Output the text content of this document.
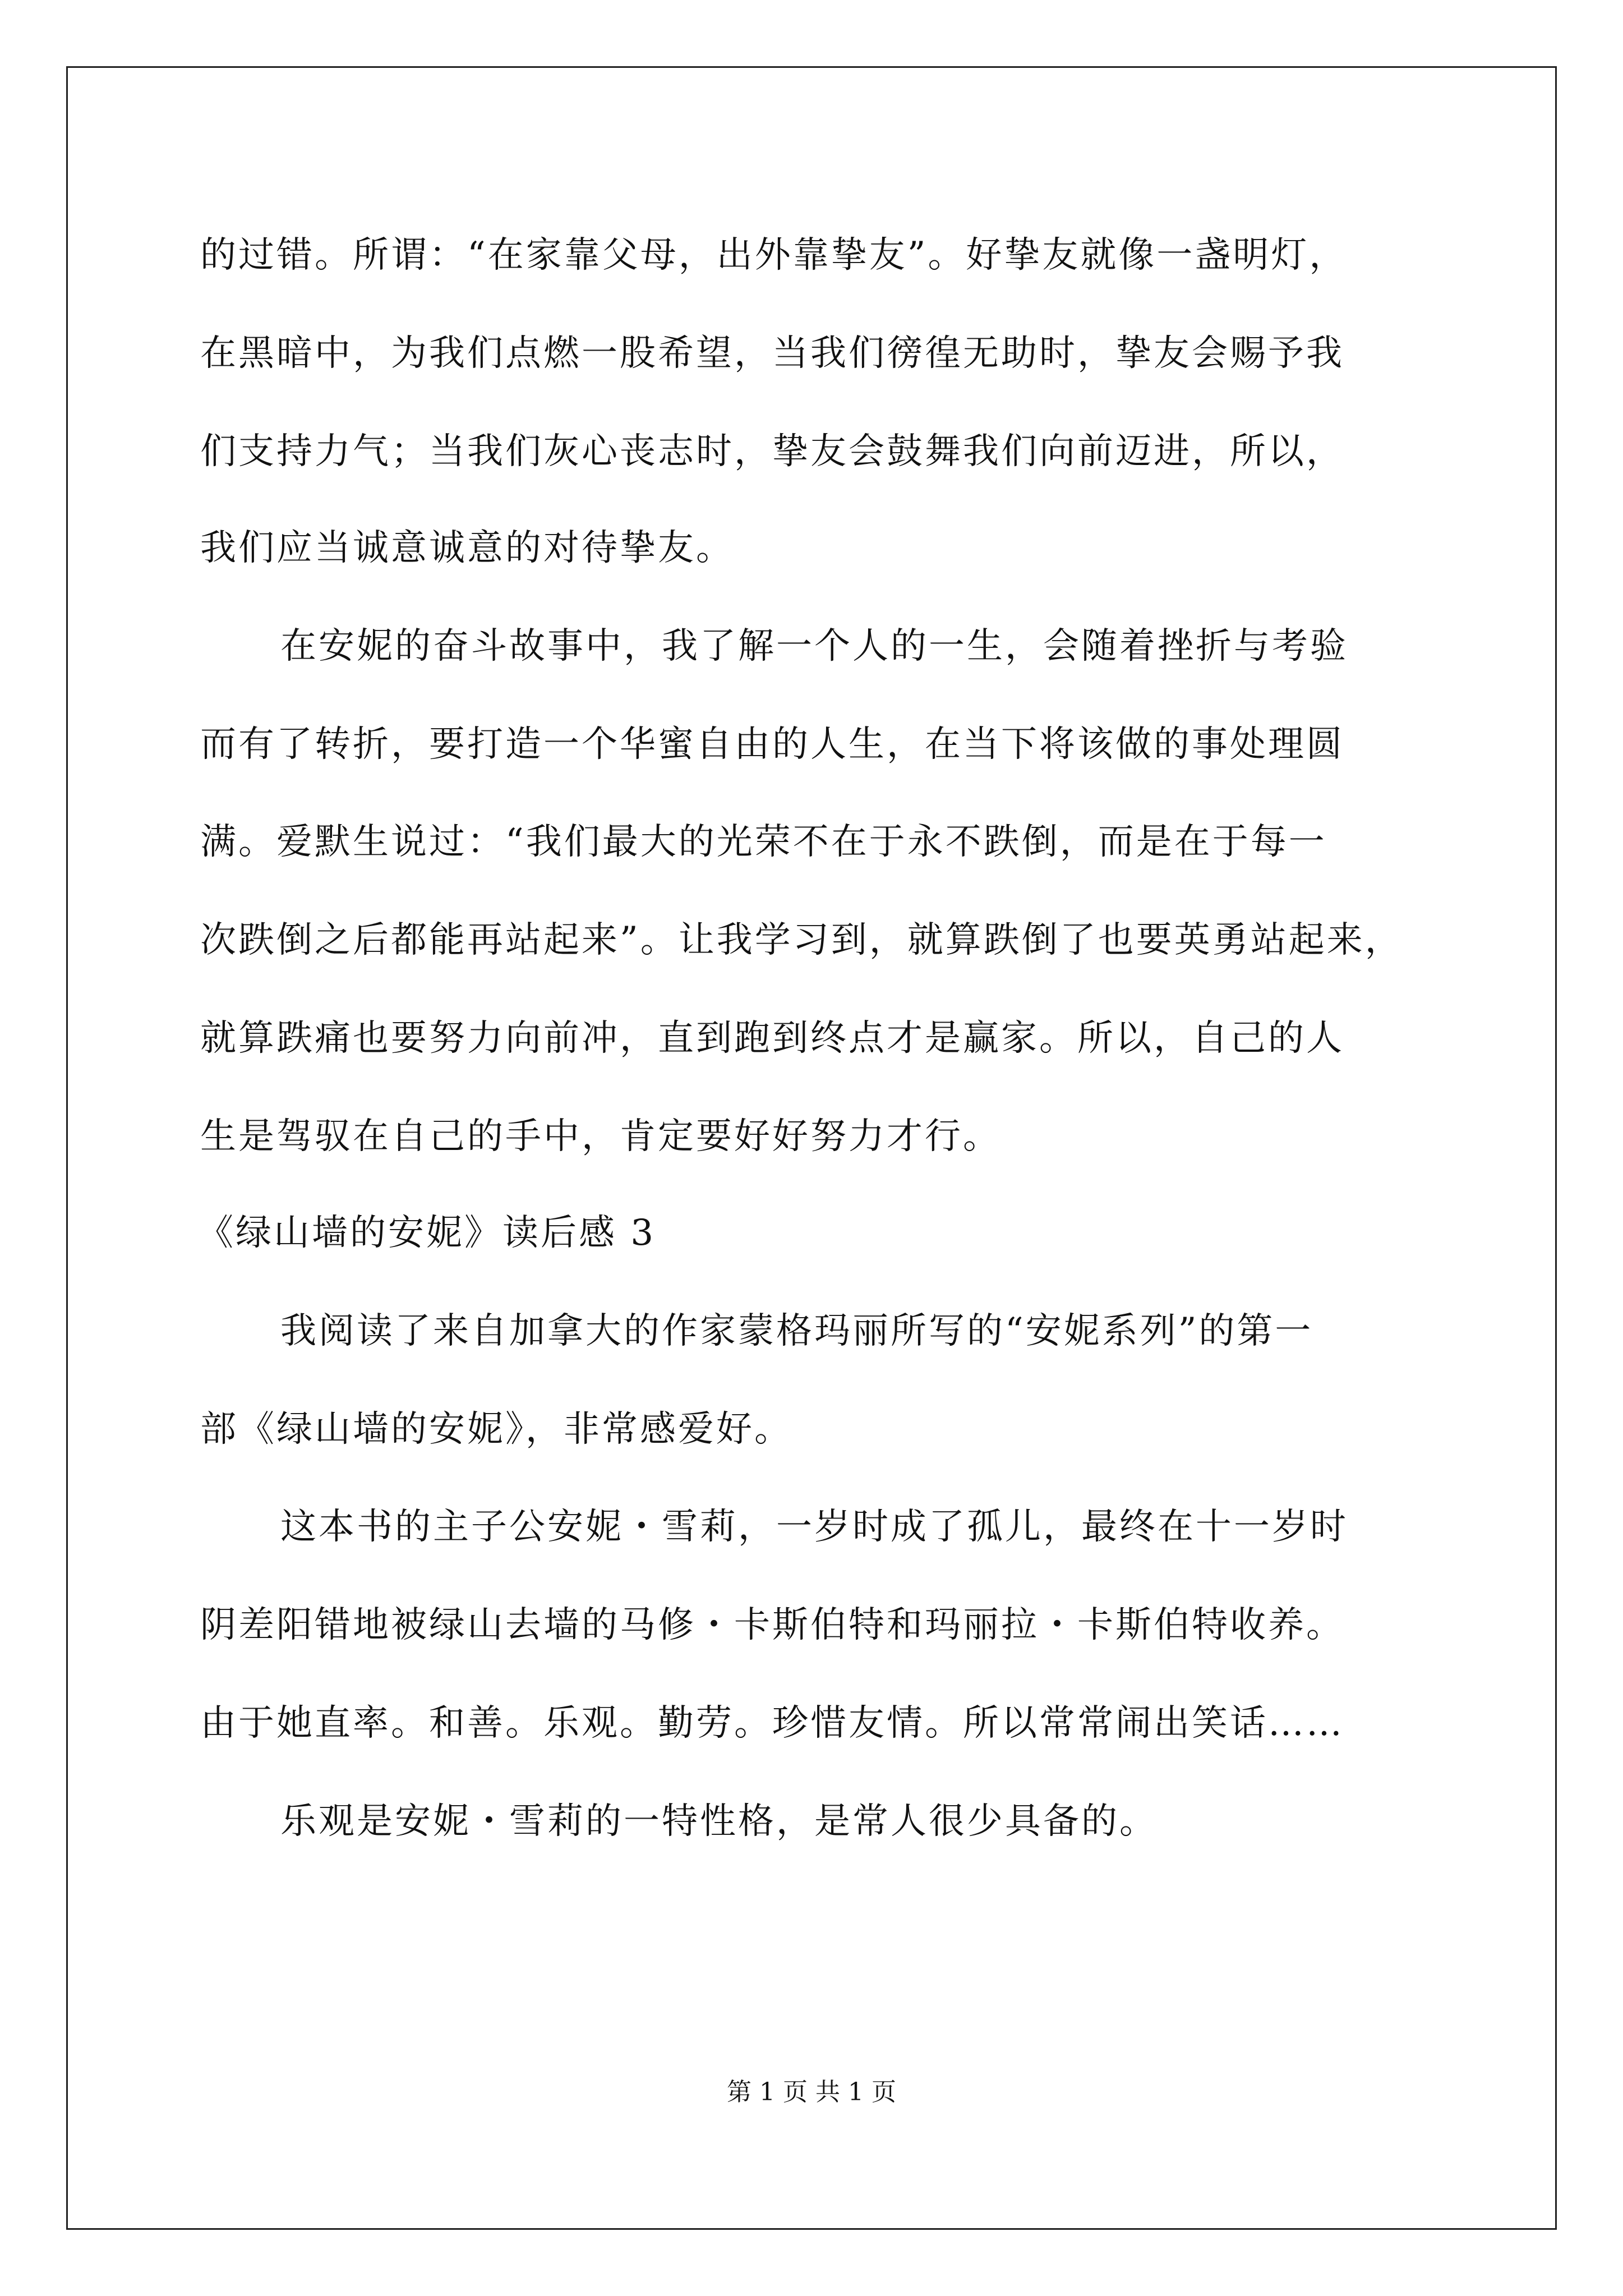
的过错。所谓：“在家靠父母，出外靠挚友”。好挚友就像一盏明灯，
在黑暗中，为我们点燃一股希望，当我们徬徨无助时，挚友会赐予我
们支持力气；当我们灰心丧志时，挚友会鼓舞我们向前迈进，所以，
我们应当诚意诚意的对待挚友。
在安妮的奋斗故事中，我了解一个人的一生，会随着挫折与考验
而有了转折，要打造一个华蜜自由的人生，在当下将该做的事处理圆
满。爱默生说过：“我们最大的光荣不在于永不跌倒，而是在于每一
次跌倒之后都能再站起来”。让我学习到，就算跌倒了也要英勇站起来，
就算跌痛也要努力向前冲，直到跑到终点才是赢家。所以，自己的人
生是驾驭在自己的手中，肯定要好好努力才行。
《绿山墙的安妮》读后感 3
我阅读了来自加拿大的作家蒙格玛丽所写的“安妮系列”的第一
部《绿山墙的安妮》，非常感爱好。
这本书的主子公安妮・雪莉，一岁时成了孤儿，最终在十一岁时
阴差阳错地被绿山去墙的马修・卡斯伯特和玛丽拉・卡斯伯特收养。
由于她直率。和善。乐观。勤劳。珍惜友情。所以常常闹出笑话……
乐观是安妮・雪莉的一特性格，是常人很少具备的。
第 1 页 共 1 页
